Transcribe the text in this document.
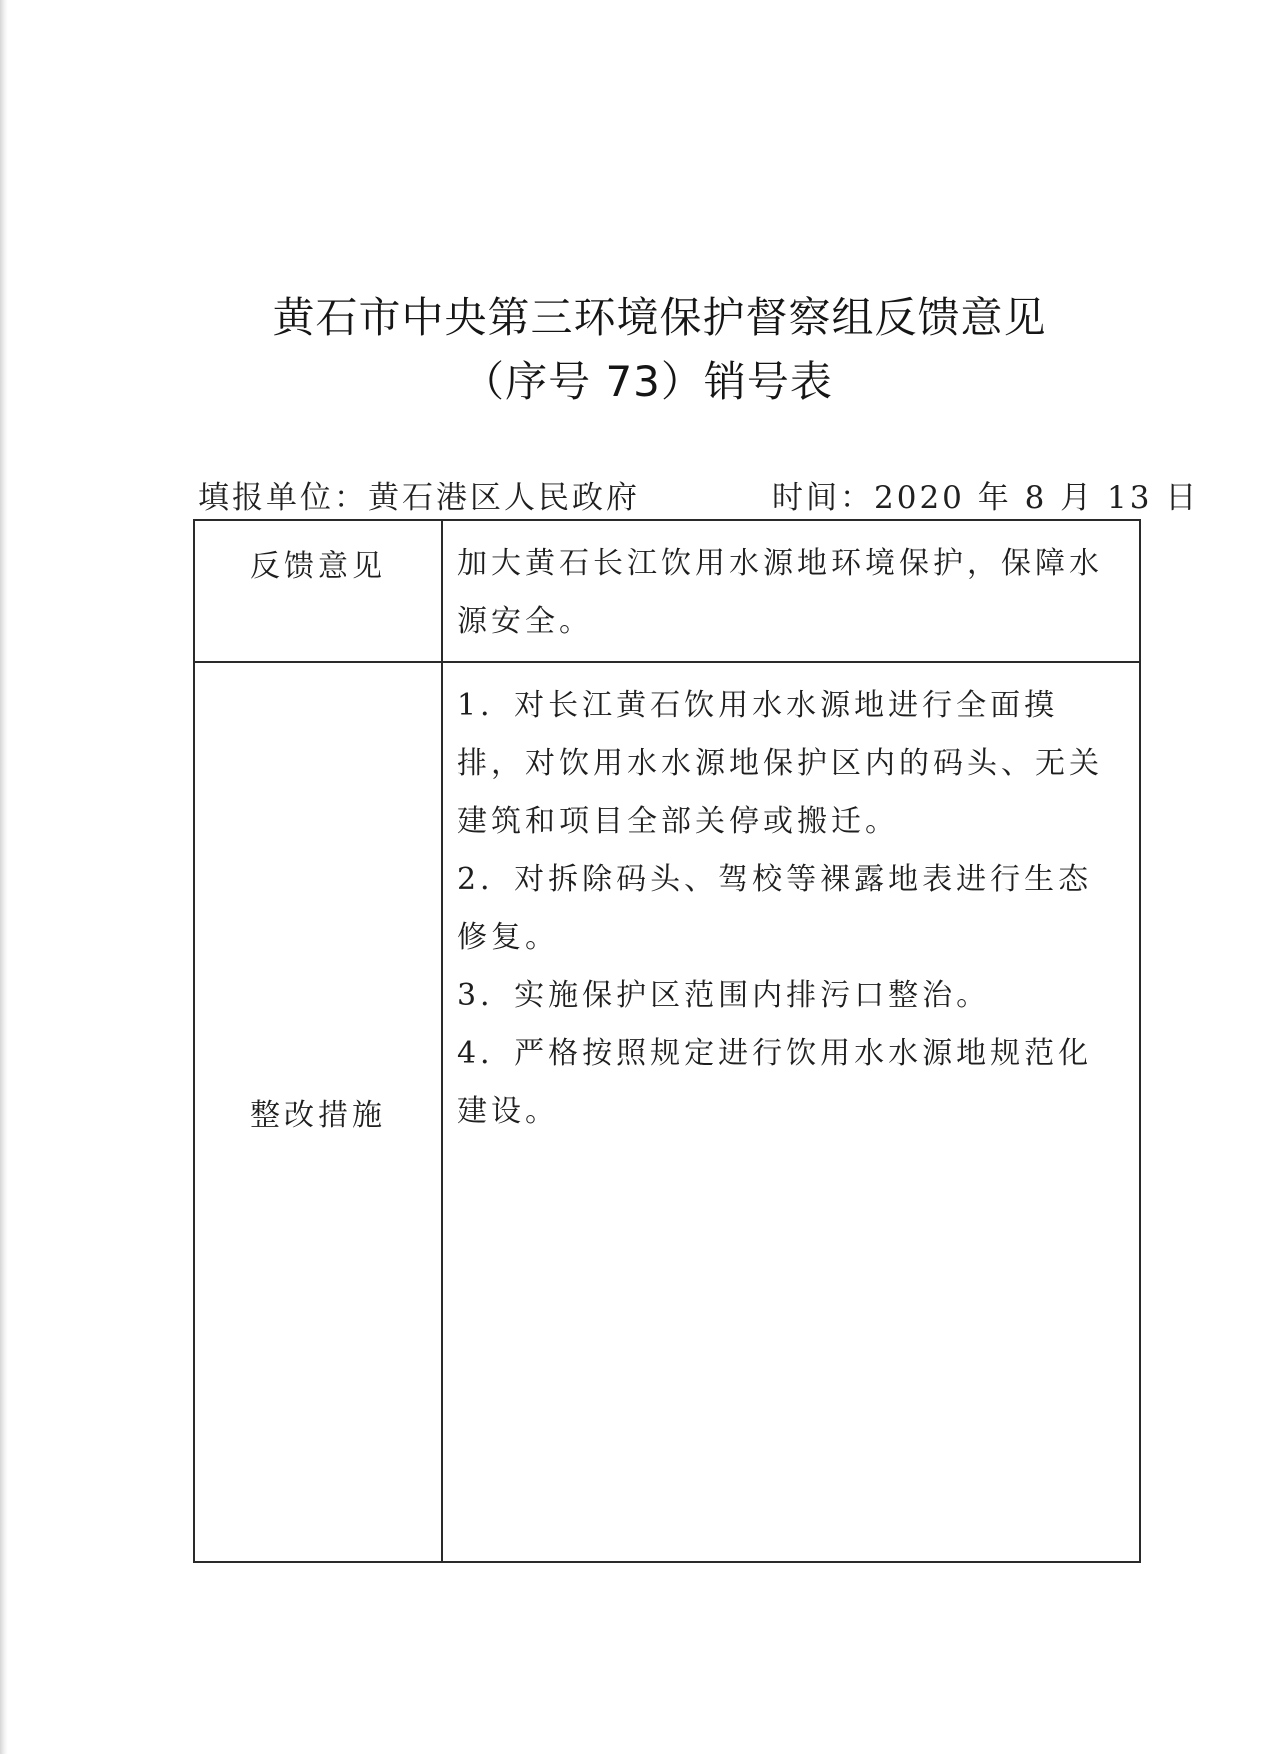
黄石市中央第三环境保护督察组反馈意见
（序号 73）销号表
填报单位：黄石港区人民政府	时间：2020 年 8 月 13 日
反馈意见	加大黄石长江饮用水源地环境保护，保障水源安全。

整改措施	1．对长江黄石饮用水水源地进行全面摸排，对饮用水水源地保护区内的码头、无关建筑和项目全部关停或搬迁。

2．对拆除码头、驾校等裸露地表进行生态修复。

3．实施保护区范围内排污口整治。

4．严格按照规定进行饮用水水源地规范化建设。
